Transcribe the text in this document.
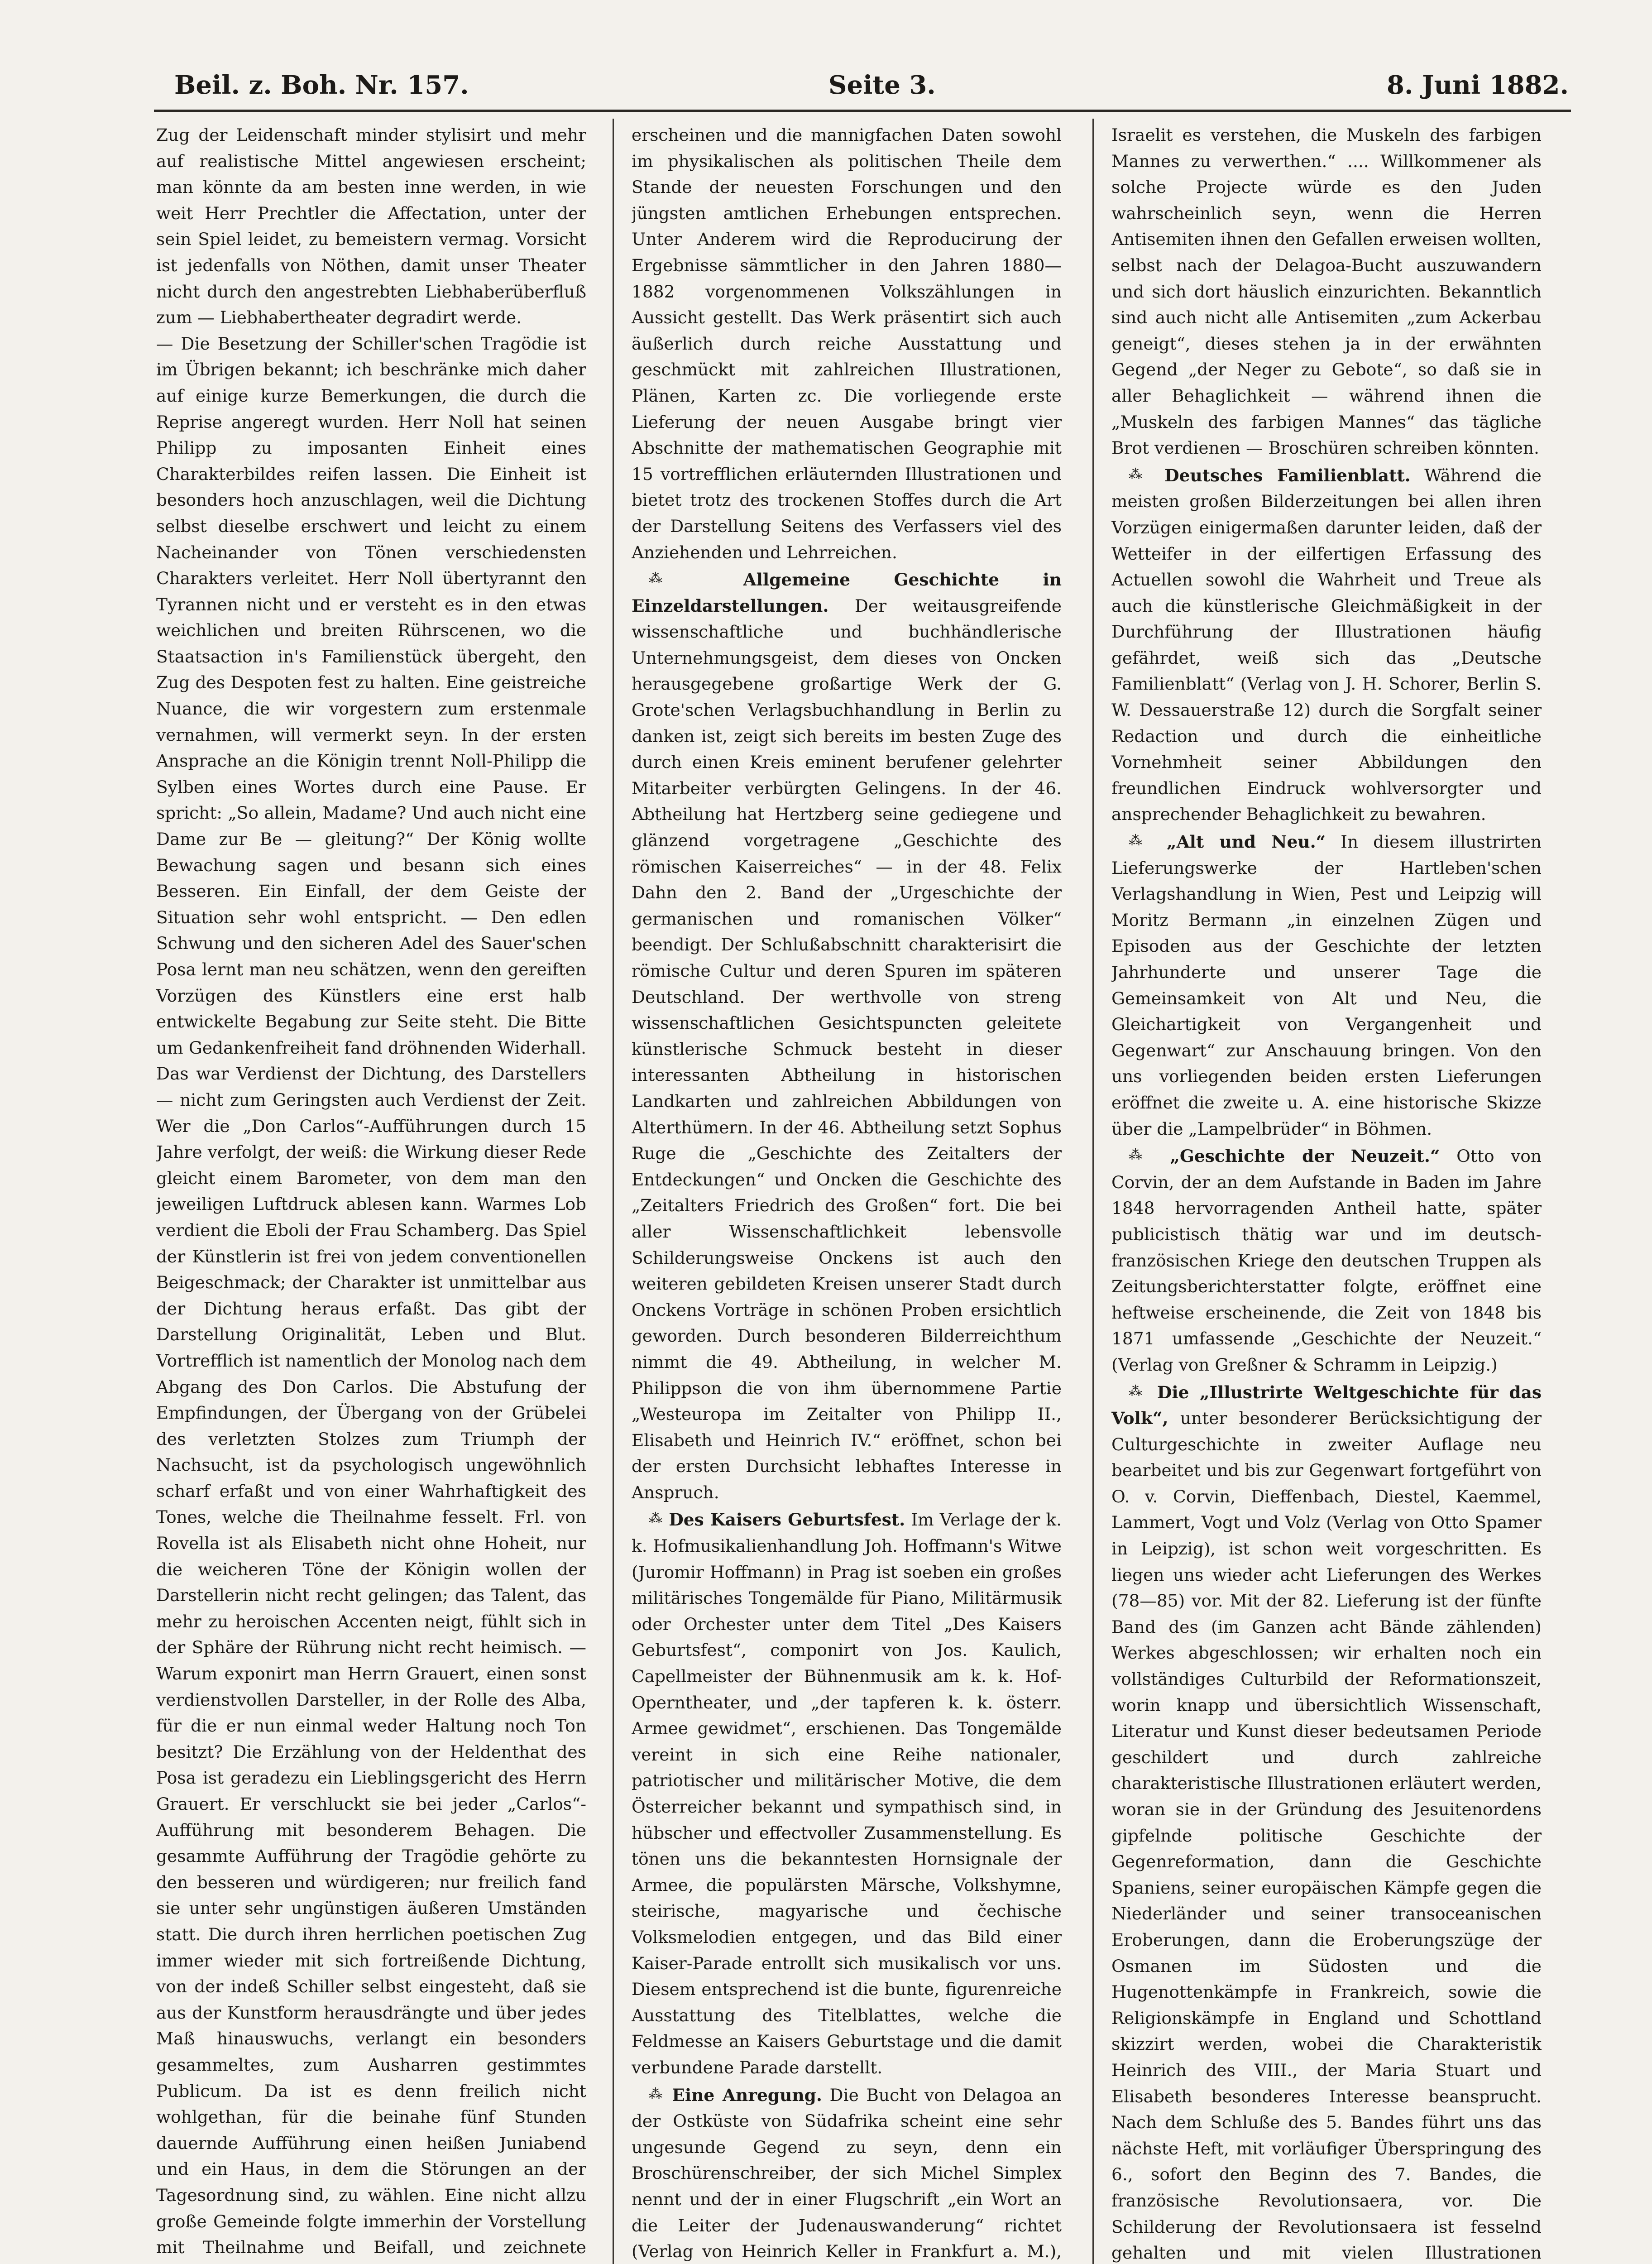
Beil. z. Boh. Nr. 157.	Seite 3.	8. Juni 1882.

Zug der Leidenschaft minder stylisirt und mehr auf realistische Mittel angewiesen erscheint; man könnte da am besten inne werden, in wie weit Herr Prechtler die Affectation, unter der sein Spiel leidet, zu bemeistern vermag. Vorsicht ist jedenfalls von Nöthen, damit unser Theater nicht durch den angestrebten Liebhaberüberfluß zum — Liebhabertheater degradirt werde.

— Die Besetzung der Schiller'schen Tragödie ist im Übrigen bekannt; ich beschränke mich daher auf einige kurze Bemerkungen, die durch die Reprise angeregt wurden. Herr Noll hat seinen Philipp zu imposanten Einheit eines Charakterbildes reifen lassen. Die Einheit ist besonders hoch anzuschlagen, weil die Dichtung selbst dieselbe erschwert und leicht zu einem Nacheinander von Tönen verschiedensten Charakters verleitet. Herr Noll übertyrannt den Tyrannen nicht und er versteht es in den etwas weichlichen und breiten Rührscenen, wo die Staatsaction in's Familienstück übergeht, den Zug des Despoten fest zu halten. Eine geistreiche Nuance, die wir vorgestern zum erstenmale vernahmen, will vermerkt seyn. In der ersten Ansprache an die Königin trennt Noll-Philipp die Sylben eines Wortes durch eine Pause. Er spricht: „So allein, Madame? Und auch nicht eine Dame zur Be — gleitung?“ Der König wollte Bewachung sagen und besann sich eines Besseren. Ein Einfall, der dem Geiste der Situation sehr wohl entspricht. — Den edlen Schwung und den sicheren Adel des Sauer'schen Posa lernt man neu schätzen, wenn den gereiften Vorzügen des Künstlers eine erst halb entwickelte Begabung zur Seite steht. Die Bitte um Gedankenfreiheit fand dröhnenden Widerhall. Das war Verdienst der Dichtung, des Darstellers — nicht zum Geringsten auch Verdienst der Zeit. Wer die „Don Carlos“-Aufführungen durch 15 Jahre verfolgt, der weiß: die Wirkung dieser Rede gleicht einem Barometer, von dem man den jeweiligen Luftdruck ablesen kann. Warmes Lob verdient die Eboli der Frau Schamberg. Das Spiel der Künstlerin ist frei von jedem conventionellen Beigeschmack; der Charakter ist unmittelbar aus der Dichtung heraus erfaßt. Das gibt der Darstellung Originalität, Leben und Blut. Vortrefflich ist namentlich der Monolog nach dem Abgang des Don Carlos. Die Abstufung der Empfindungen, der Übergang von der Grübelei des verletzten Stolzes zum Triumph der Nachsucht, ist da psychologisch ungewöhnlich scharf erfaßt und von einer Wahrhaftigkeit des Tones, welche die Theilnahme fesselt. Frl. von Rovella ist als Elisabeth nicht ohne Hoheit, nur die weicheren Töne der Königin wollen der Darstellerin nicht recht gelingen; das Talent, das mehr zu heroischen Accenten neigt, fühlt sich in der Sphäre der Rührung nicht recht heimisch. — Warum exponirt man Herrn Grauert, einen sonst verdienstvollen Darsteller, in der Rolle des Alba, für die er nun einmal weder Haltung noch Ton besitzt? Die Erzählung von der Heldenthat des Posa ist geradezu ein Lieblingsgericht des Herrn Grauert. Er verschluckt sie bei jeder „Carlos“-Aufführung mit besonderem Behagen. Die gesammte Aufführung der Tragödie gehörte zu den besseren und würdigeren; nur freilich fand sie unter sehr ungünstigen äußeren Umständen statt. Die durch ihren herrlichen poetischen Zug immer wieder mit sich fortreißende Dichtung, von der indeß Schiller selbst eingesteht, daß sie aus der Kunstform herausdrängte und über jedes Maß hinauswuchs, verlangt ein besonders gesammeltes, zum Ausharren gestimmtes Publicum. Da ist es denn freilich nicht wohlgethan, für die beinahe fünf Stunden dauernde Aufführung einen heißen Juniabend und ein Haus, in dem die Störungen an der Tagesordnung sind, zu wählen. Eine nicht allzu große Gemeinde folgte immerhin der Vorstellung mit Theilnahme und Beifall, und zeichnete

erscheinen und die mannigfachen Daten sowohl im physikalischen als politischen Theile dem Stande der neuesten Forschungen und den jüngsten amtlichen Erhebungen entsprechen. Unter Anderem wird die Reproducirung der Ergebnisse sämmtlicher in den Jahren 1880—1882 vorgenommenen Volkszählungen in Aussicht gestellt. Das Werk präsentirt sich auch äußerlich durch reiche Ausstattung und geschmückt mit zahlreichen Illustrationen, Plänen, Karten zc. Die vorliegende erste Lieferung der neuen Ausgabe bringt vier Abschnitte der mathematischen Geographie mit 15 vortrefflichen erläuternden Illustrationen und bietet trotz des trockenen Stoffes durch die Art der Darstellung Seitens des Verfassers viel des Anziehenden und Lehrreichen.

⁂	Allgemeine Geschichte in Einzeldarstellungen. Der weitausgreifende wissenschaftliche und buchhändlerische Unternehmungsgeist, dem dieses von Oncken herausgegebene großartige Werk der G. Grote'schen Verlagsbuchhandlung in Berlin zu danken ist, zeigt sich bereits im besten Zuge des durch einen Kreis eminent berufener gelehrter Mitarbeiter verbürgten Gelingens. In der 46. Abtheilung hat Hertzberg seine gediegene und glänzend vorgetragene „Geschichte des römischen Kaiserreiches“ — in der 48. Felix Dahn den 2. Band der „Urgeschichte der germanischen und romanischen Völker“ beendigt. Der Schlußabschnitt charakterisirt die römische Cultur und deren Spuren im späteren Deutschland. Der werthvolle von streng wissenschaftlichen Gesichtspuncten geleitete künstlerische Schmuck besteht in dieser interessanten Abtheilung in historischen Landkarten und zahlreichen Abbildungen von Alterthümern. In der 46. Abtheilung setzt Sophus Ruge die „Geschichte des Zeitalters der Entdeckungen“ und Oncken die Geschichte des „Zeitalters Friedrich des Großen“ fort. Die bei aller Wissenschaftlichkeit lebensvolle Schilderungsweise Onckens ist auch den weiteren gebildeten Kreisen unserer Stadt durch Onckens Vorträge in schönen Proben ersichtlich geworden. Durch besonderen Bilderreichthum nimmt die 49. Abtheilung, in welcher M. Philippson die von ihm übernommene Partie „Westeuropa im Zeitalter von Philipp II., Elisabeth und Heinrich IV.“ eröffnet, schon bei der ersten Durchsicht lebhaftes Interesse in Anspruch.

⁂ Des Kaisers Geburtsfest. Im Verlage der k. k. Hofmusikalienhandlung Joh. Hoffmann's Witwe (Juromir Hoffmann) in Prag ist soeben ein großes militärisches Tongemälde für Piano, Militärmusik oder Orchester unter dem Titel „Des Kaisers Geburtsfest“, componirt von Jos. Kaulich, Capellmeister der Bühnenmusik am k. k. Hof-Operntheater, und „der tapferen k. k. österr. Armee gewidmet“, erschienen. Das Tongemälde vereint in sich eine Reihe nationaler, patriotischer und militärischer Motive, die dem Österreicher bekannt und sympathisch sind, in hübscher und effectvoller Zusammenstellung. Es tönen uns die bekanntesten Hornsignale der Armee, die populärsten Märsche, Volkshymne, steirische, magyarische und čechische Volksmelodien entgegen, und das Bild einer Kaiser-Parade entrollt sich musikalisch vor uns. Diesem entsprechend ist die bunte, figurenreiche Ausstattung des Titelblattes, welche die Feldmesse an Kaisers Geburtstage und die damit verbundene Parade darstellt.

⁂ Eine Anregung. Die Bucht von Delagoa an der Ostküste von Südafrika scheint eine sehr ungesunde Gegend zu seyn, denn ein Broschürenschreiber, der sich Michel Simplex nennt und der in einer Flugschrift „ein Wort an die Leiter der Judenauswanderung“ richtet (Verlag von Heinrich Keller in Frankfurt a. M.),

Israelit es verstehen, die Muskeln des farbigen Mannes zu verwerthen.“ .... Willkommener als solche Projecte würde es den Juden wahrscheinlich seyn, wenn die Herren Antisemiten ihnen den Gefallen erweisen wollten, selbst nach der Delagoa-Bucht auszuwandern und sich dort häuslich einzurichten. Bekanntlich sind auch nicht alle Antisemiten „zum Ackerbau geneigt“, dieses stehen ja in der erwähnten Gegend „der Neger zu Gebote“, so daß sie in aller Behaglichkeit — während ihnen die „Muskeln des farbigen Mannes“ das tägliche Brot verdienen — Broschüren schreiben könnten.

⁂ Deutsches Familienblatt. Während die meisten großen Bilderzeitungen bei allen ihren Vorzügen einigermaßen darunter leiden, daß der Wetteifer in der eilfertigen Erfassung des Actuellen sowohl die Wahrheit und Treue als auch die künstlerische Gleichmäßigkeit in der Durchführung der Illustrationen häufig gefährdet, weiß sich das „Deutsche Familienblatt“ (Verlag von J. H. Schorer, Berlin S. W. Dessauerstraße 12) durch die Sorgfalt seiner Redaction und durch die einheitliche Vornehmheit seiner Abbildungen den freundlichen Eindruck wohlversorgter und ansprechender Behaglichkeit zu bewahren.

⁂ „Alt und Neu.“ In diesem illustrirten Lieferungswerke der Hartleben'schen Verlagshandlung in Wien, Pest und Leipzig will Moritz Bermann „in einzelnen Zügen und Episoden aus der Geschichte der letzten Jahrhunderte und unserer Tage die Gemeinsamkeit von Alt und Neu, die Gleichartigkeit von Vergangenheit und Gegenwart“ zur Anschauung bringen. Von den uns vorliegenden beiden ersten Lieferungen eröffnet die zweite u. A. eine historische Skizze über die „Lampelbrüder“ in Böhmen.

⁂ „Geschichte der Neuzeit.“ Otto von Corvin, der an dem Aufstande in Baden im Jahre 1848 hervorragenden Antheil hatte, später publicistisch thätig war und im deutsch-französischen Kriege den deutschen Truppen als Zeitungsberichterstatter folgte, eröffnet eine heftweise erscheinende, die Zeit von 1848 bis 1871 umfassende „Geschichte der Neuzeit.“ (Verlag von Greßner & Schramm in Leipzig.)

⁂ Die „Illustrirte Weltgeschichte für das Volk“, unter besonderer Berücksichtigung der Culturgeschichte in zweiter Auflage neu bearbeitet und bis zur Gegenwart fortgeführt von O. v. Corvin, Dieffenbach, Diestel, Kaemmel, Lammert, Vogt und Volz (Verlag von Otto Spamer in Leipzig), ist schon weit vorgeschritten. Es liegen uns wieder acht Lieferungen des Werkes (78—85) vor. Mit der 82. Lieferung ist der fünfte Band des (im Ganzen acht Bände zählenden) Werkes abgeschlossen; wir erhalten noch ein vollständiges Culturbild der Reformationszeit, worin knapp und übersichtlich Wissenschaft, Literatur und Kunst dieser bedeutsamen Periode geschildert und durch zahlreiche charakteristische Illustrationen erläutert werden, woran sie in der Gründung des Jesuitenordens gipfelnde politische Geschichte der Gegenreformation, dann die Geschichte Spaniens, seiner europäischen Kämpfe gegen die Niederländer und seiner transoceanischen Eroberungen, dann die Eroberungszüge der Osmanen im Südosten und die Hugenottenkämpfe in Frankreich, sowie die Religionskämpfe in England und Schottland skizzirt werden, wobei die Charakteristik Heinrich des VIII., der Maria Stuart und Elisabeth besonderes Interesse beansprucht. Nach dem Schluße des 5. Bandes führt uns das nächste Heft, mit vorläufiger Überspringung des 6., sofort den Beginn des 7. Bandes, die französische Revolutionsaera, vor. Die Schilderung der Revolutionsaera ist fesselnd gehalten und mit vielen Illustrationen
